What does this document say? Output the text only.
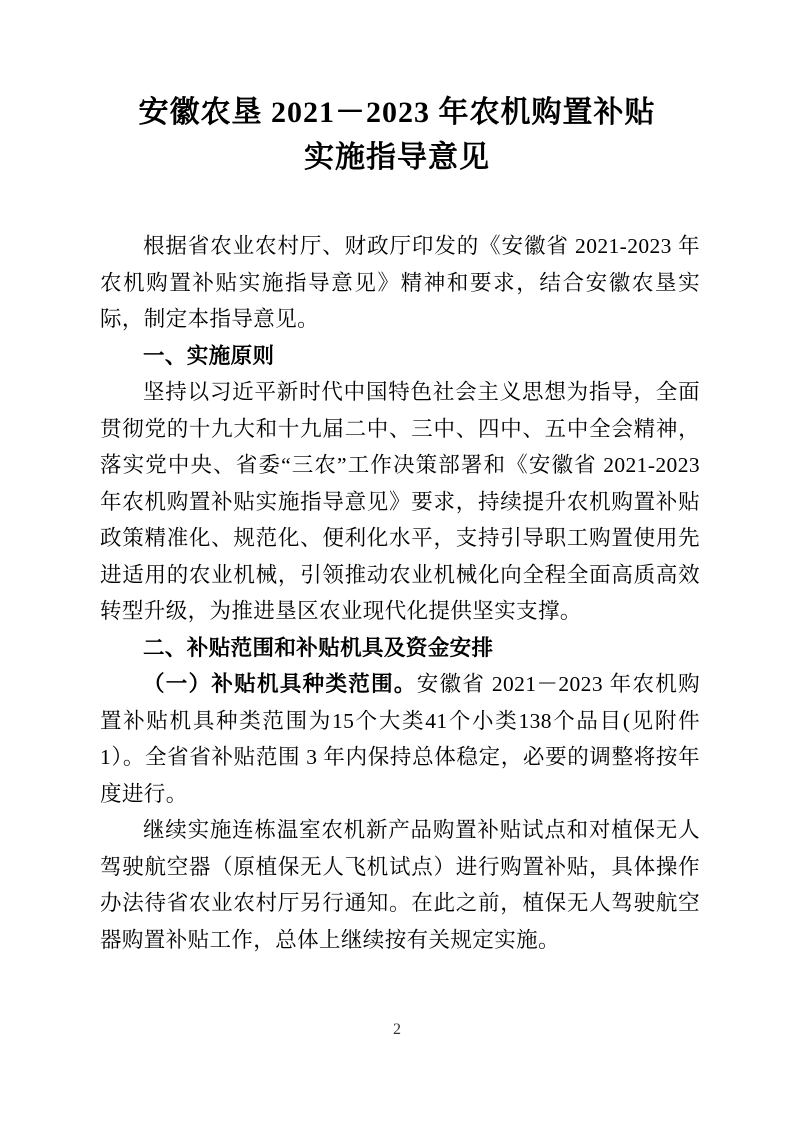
安徽农垦 2021－2023 年农机购置补贴
实施指导意见

根据省农业农村厅、财政厅印发的《安徽省 2021-2023 年农机购置补贴实施指导意见》精神和要求，结合安徽农垦实际，制定本指导意见。

一、实施原则

坚持以习近平新时代中国特色社会主义思想为指导，全面贯彻党的十九大和十九届二中、三中、四中、五中全会精神，落实党中央、省委“三农”工作决策部署和《安徽省 2021-2023 年农机购置补贴实施指导意见》要求，持续提升农机购置补贴政策精准化、规范化、便利化水平，支持引导职工购置使用先进适用的农业机械，引领推动农业机械化向全程全面高质高效转型升级，为推进垦区农业现代化提供坚实支撑。

二、补贴范围和补贴机具及资金安排

（一）补贴机具种类范围。安徽省 2021－2023 年农机购置补贴机具种类范围为15个大类41个小类138个品目(见附件 1）。全省省补贴范围 3 年内保持总体稳定，必要的调整将按年度进行。

继续实施连栋温室农机新产品购置补贴试点和对植保无人驾驶航空器（原植保无人飞机试点）进行购置补贴，具体操作办法待省农业农村厅另行通知。在此之前，植保无人驾驶航空器购置补贴工作，总体上继续按有关规定实施。

2
